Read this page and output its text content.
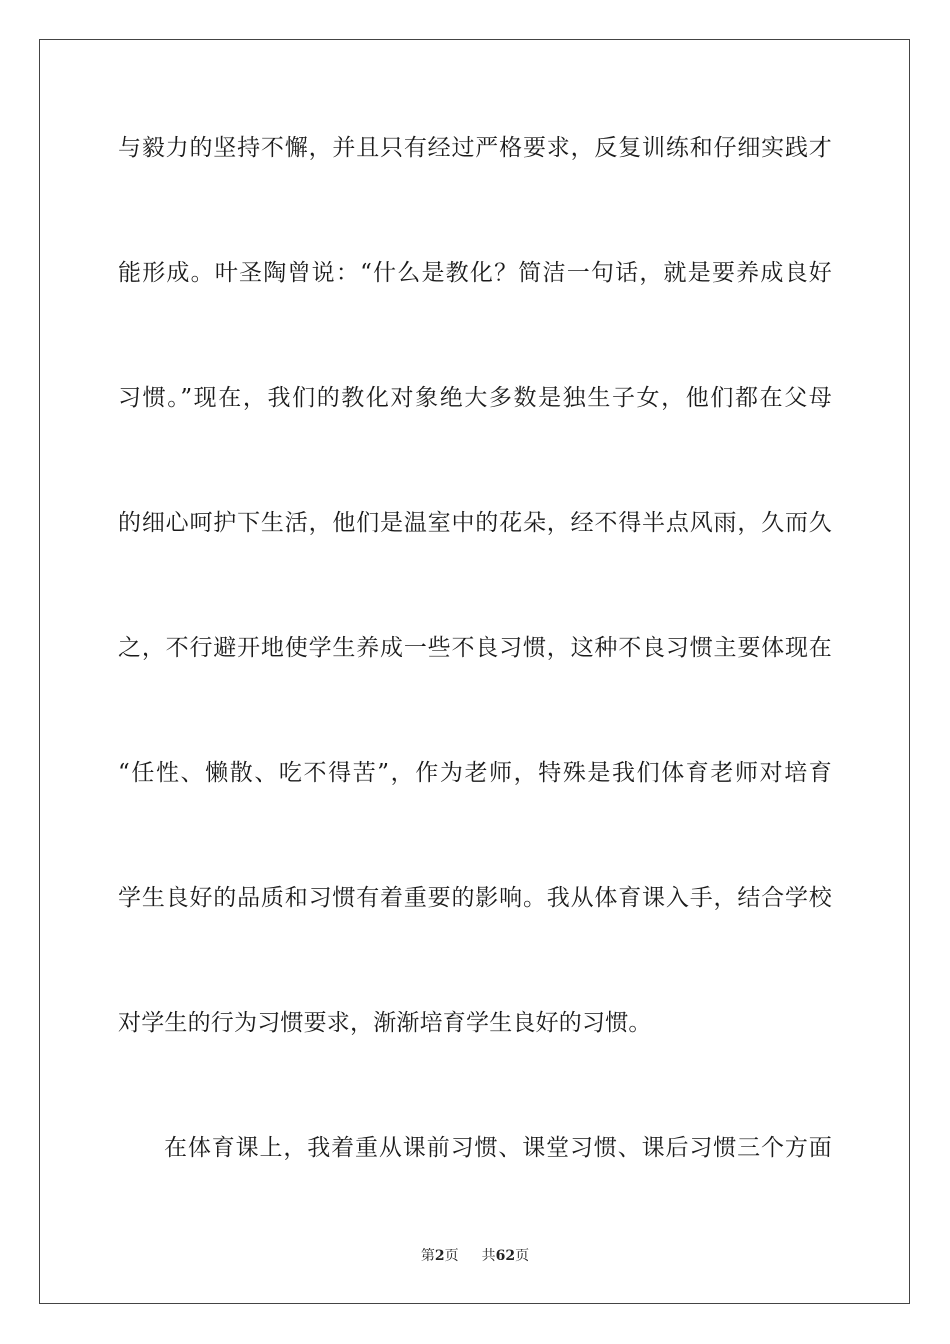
与毅力的坚持不懈，并且只有经过严格要求，反复训练和仔细实践才
能形成。叶圣陶曾说：“什么是教化？简洁一句话，就是要养成良好
习惯。”现在，我们的教化对象绝大多数是独生子女，他们都在父母
的细心呵护下生活，他们是温室中的花朵，经不得半点风雨，久而久
之，不行避开地使学生养成一些不良习惯，这种不良习惯主要体现在
“任性、懒散、吃不得苦”，作为老师，特殊是我们体育老师对培育
学生良好的品质和习惯有着重要的影响。我从体育课入手，结合学校
对学生的行为习惯要求，渐渐培育学生良好的习惯。
在体育课上，我着重从课前习惯、课堂习惯、课后习惯三个方面
第2页 共62页
